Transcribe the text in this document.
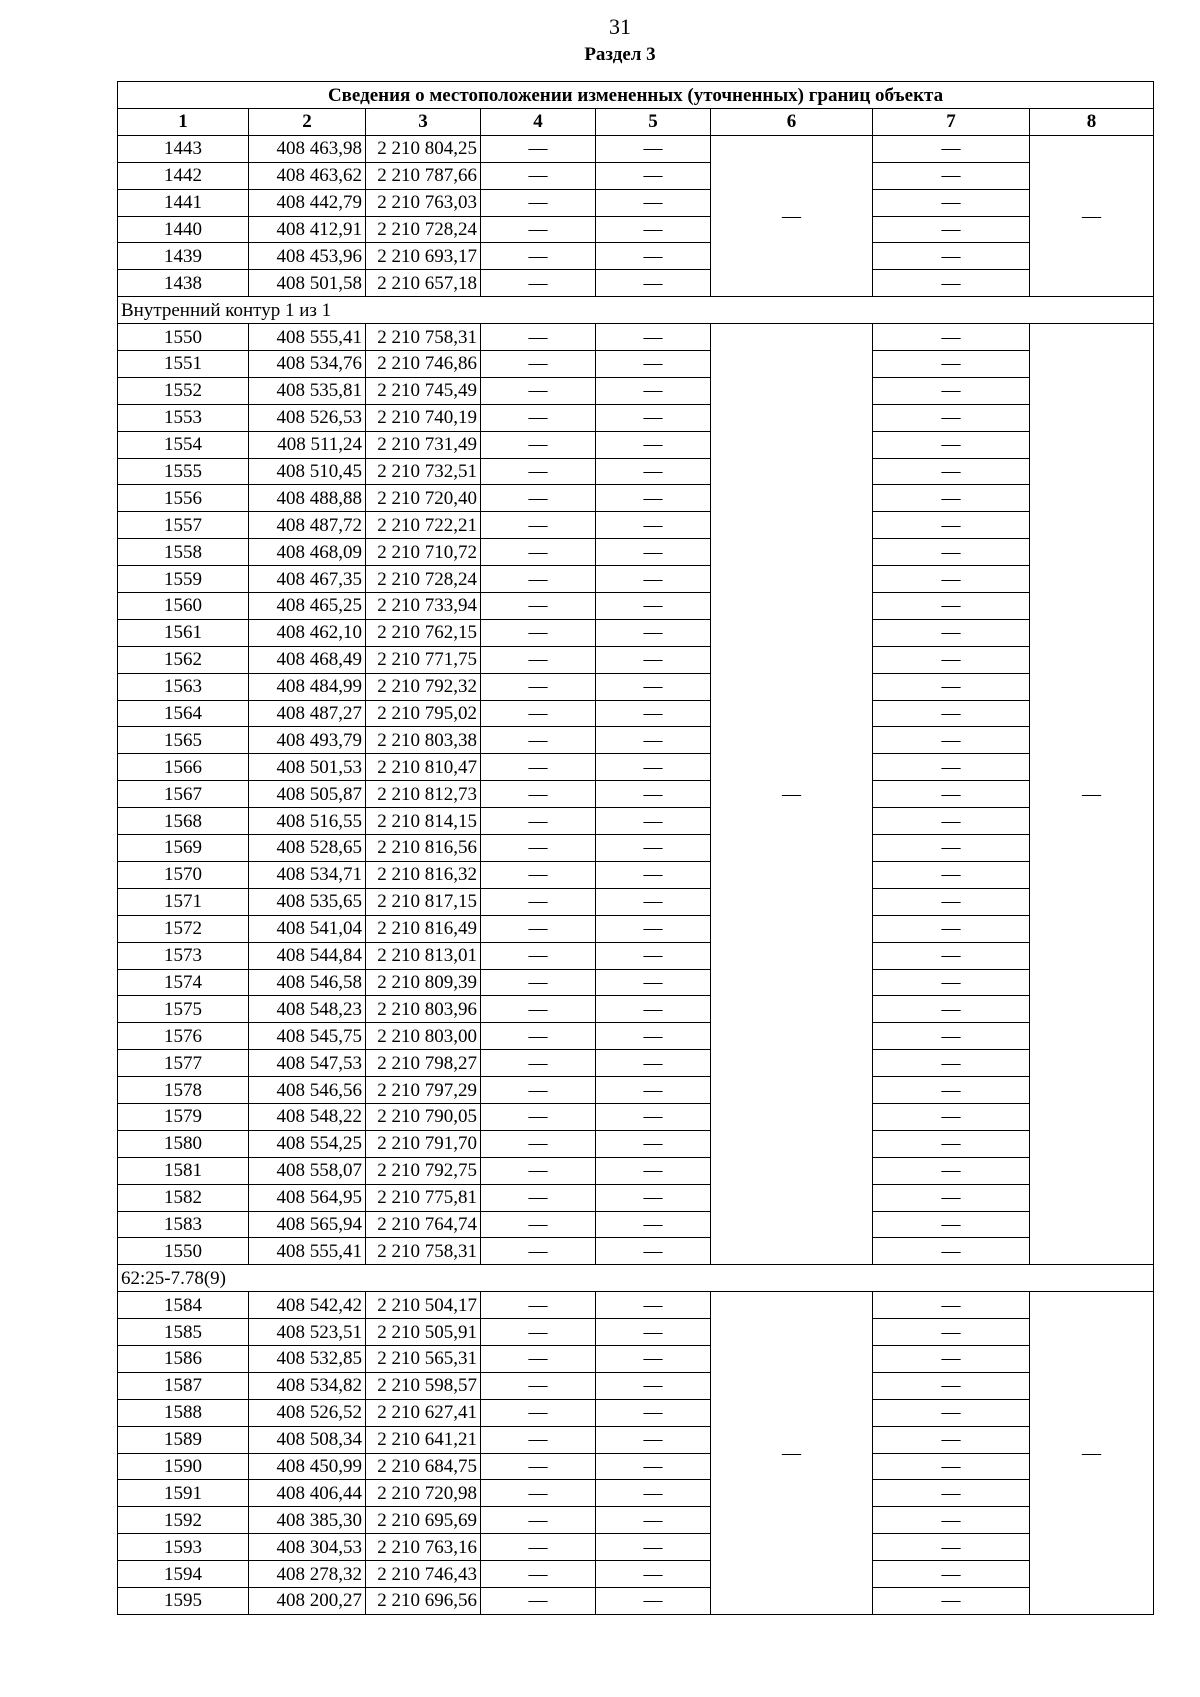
31
Раздел 3
Сведения о местоположении измененных (уточненных) границ объекта							
1	2	3	4	5	6	7	8
1443	408 463,98	2 210 804,25	—	—	—	—	—
1442	408 463,62	2 210 787,66	—	—		—	
1441	408 442,79	2 210 763,03	—	—		—	
1440	408 412,91	2 210 728,24	—	—		—	
1439	408 453,96	2 210 693,17	—	—		—	
1438	408 501,58	2 210 657,18	—	—		—	
Внутренний контур 1 из 1							
1550	408 555,41	2 210 758,31	—	—	—	—	—
1551	408 534,76	2 210 746,86	—	—		—	
1552	408 535,81	2 210 745,49	—	—		—	
1553	408 526,53	2 210 740,19	—	—		—	
1554	408 511,24	2 210 731,49	—	—		—	
1555	408 510,45	2 210 732,51	—	—		—	
1556	408 488,88	2 210 720,40	—	—		—	
1557	408 487,72	2 210 722,21	—	—		—	
1558	408 468,09	2 210 710,72	—	—		—	
1559	408 467,35	2 210 728,24	—	—		—	
1560	408 465,25	2 210 733,94	—	—		—	
1561	408 462,10	2 210 762,15	—	—		—	
1562	408 468,49	2 210 771,75	—	—		—	
1563	408 484,99	2 210 792,32	—	—		—	
1564	408 487,27	2 210 795,02	—	—		—	
1565	408 493,79	2 210 803,38	—	—		—	
1566	408 501,53	2 210 810,47	—	—		—	
1567	408 505,87	2 210 812,73	—	—		—	
1568	408 516,55	2 210 814,15	—	—		—	
1569	408 528,65	2 210 816,56	—	—		—	
1570	408 534,71	2 210 816,32	—	—		—	
1571	408 535,65	2 210 817,15	—	—		—	
1572	408 541,04	2 210 816,49	—	—		—	
1573	408 544,84	2 210 813,01	—	—		—	
1574	408 546,58	2 210 809,39	—	—		—	
1575	408 548,23	2 210 803,96	—	—		—	
1576	408 545,75	2 210 803,00	—	—		—	
1577	408 547,53	2 210 798,27	—	—		—	
1578	408 546,56	2 210 797,29	—	—		—	
1579	408 548,22	2 210 790,05	—	—		—	
1580	408 554,25	2 210 791,70	—	—		—	
1581	408 558,07	2 210 792,75	—	—		—	
1582	408 564,95	2 210 775,81	—	—		—	
1583	408 565,94	2 210 764,74	—	—		—	
1550	408 555,41	2 210 758,31	—	—		—	
62:25-7.78(9)							
1584	408 542,42	2 210 504,17	—	—	—	—	—
1585	408 523,51	2 210 505,91	—	—		—	
1586	408 532,85	2 210 565,31	—	—		—	
1587	408 534,82	2 210 598,57	—	—		—	
1588	408 526,52	2 210 627,41	—	—		—	
1589	408 508,34	2 210 641,21	—	—		—	
1590	408 450,99	2 210 684,75	—	—		—	
1591	408 406,44	2 210 720,98	—	—		—	
1592	408 385,30	2 210 695,69	—	—		—	
1593	408 304,53	2 210 763,16	—	—		—	
1594	408 278,32	2 210 746,43	—	—		—	
1595	408 200,27	2 210 696,56	—	—		—	
